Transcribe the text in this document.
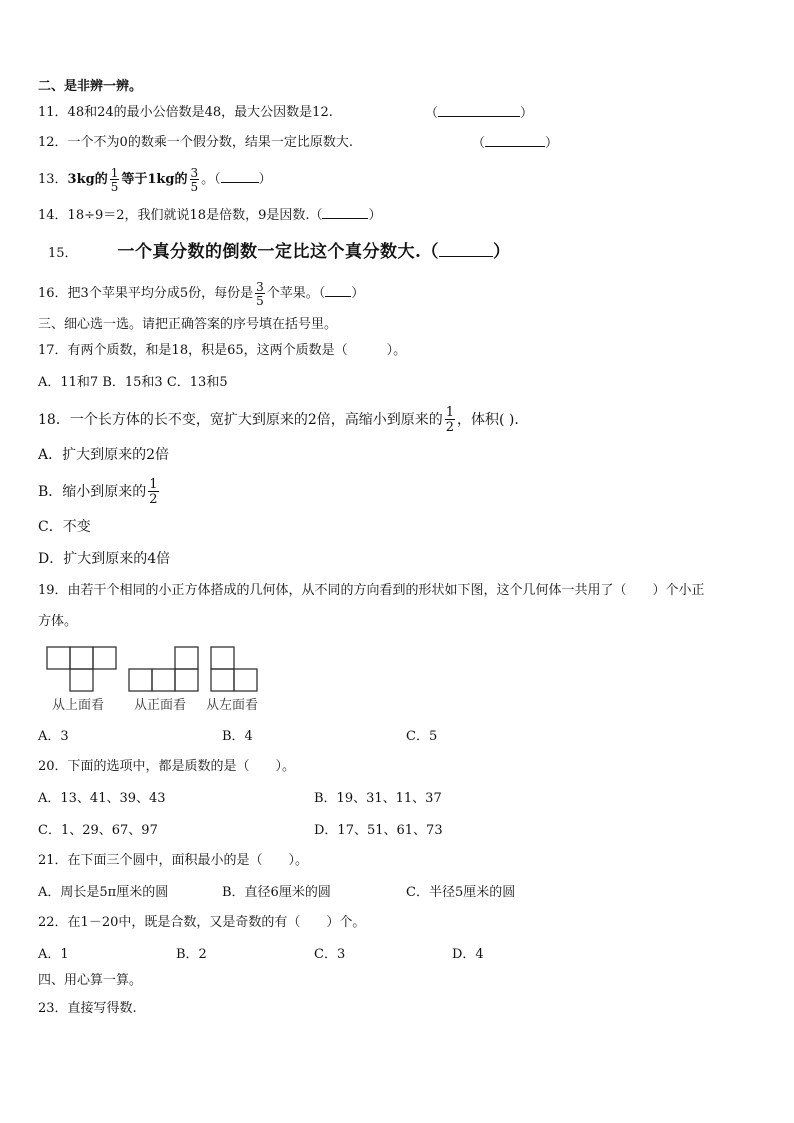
二、是非辨一辨。
11．48和24的最小公倍数是48，最大公因数是12.	（	）
12．一个不为0的数乘一个假分数，结果一定比原数大.	（	）
13．3kg的 $\frac{1}{5}$ 等于1kg的 $\frac{3}{5}$ 。（	）
14．18÷9＝2，我们就说18是倍数，9是因数.（	）
15． 一个真分数的倒数一定比这个真分数大.（	）
16．把3个苹果平均分成5份，每份是 $\frac{3}{5}$ 个苹果。（ ）
三、细心选一选。请把正确答案的序号填在括号里。
17．有两个质数，和是18，积是65，这两个质数是（　　　）。
A．11和7 B．15和3 C．13和5
18．一个长方体的长不变，宽扩大到原来的2倍，高缩小到原来的 $\frac{1}{2}$ ，体积( ).
A．扩大到原来的2倍
B．缩小到原来的 $\frac{1}{2}$
C．不变
D．扩大到原来的4倍
19．由若干个相同的小正方体搭成的几何体，从不同的方向看到的形状如下图，这个几何体一共用了（　　）个小正
方体。
从上面看 从正面看 从左面看
A．3	B．4	C．5
20．下面的选项中，都是质数的是（　　）。
A．13、41、39、43	B．19、31、11、37
C．1、29、67、97	D．17、51、61、73
21．在下面三个圆中，面积最小的是（　　）。
A．周长是5π厘米的圆	B．直径6厘米的圆	C．半径5厘米的圆
22．在1－20中，既是合数，又是奇数的有（　　）个。
A．1	B．2	C．3	D．4
四、用心算一算。
23．直接写得数.
